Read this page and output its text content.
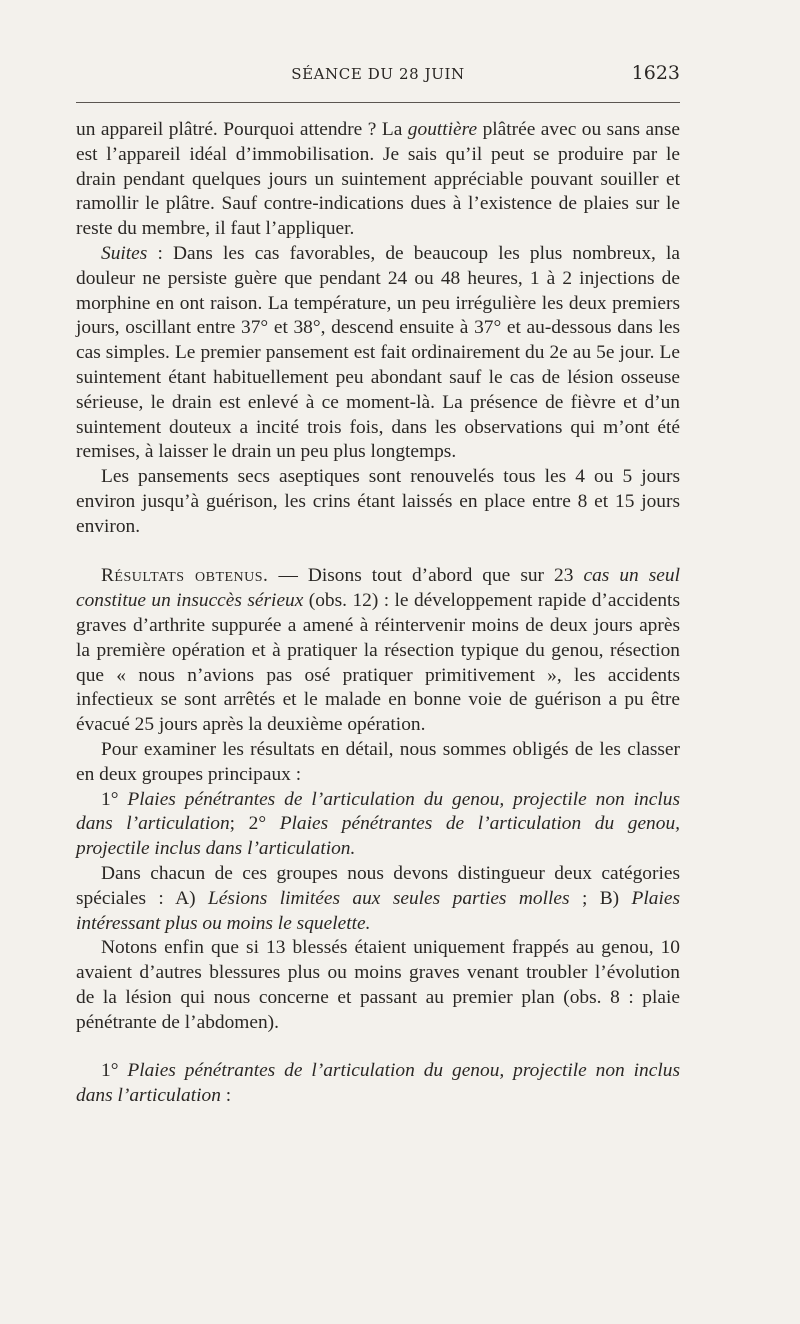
SÉANCE DU 28 JUIN	1623

un appareil plâtré. Pourquoi attendre ? La gouttière plâtrée avec ou sans anse est l’appareil idéal d’immobilisation. Je sais qu’il peut se produire par le drain pendant quelques jours un suintement appréciable pouvant souiller et ramollir le plâtre. Sauf contre-indications dues à l’existence de plaies sur le reste du membre, il faut l’appliquer.

Suites : Dans les cas favorables, de beaucoup les plus nombreux, la douleur ne persiste guère que pendant 24 ou 48 heures, 1 à 2 injections de morphine en ont raison. La température, un peu irrégulière les deux premiers jours, oscillant entre 37° et 38°, descend ensuite à 37° et au-dessous dans les cas simples. Le premier pansement est fait ordinairement du 2e au 5e jour. Le suintement étant habituellement peu abondant sauf le cas de lésion osseuse sérieuse, le drain est enlevé à ce moment-là. La présence de fièvre et d’un suintement douteux a incité trois fois, dans les observations qui m’ont été remises, à laisser le drain un peu plus longtemps.

Les pansements secs aseptiques sont renouvelés tous les 4 ou 5 jours environ jusqu’à guérison, les crins étant laissés en place entre 8 et 15 jours environ.

Résultats obtenus. — Disons tout d’abord que sur 23 cas un seul constitue un insuccès sérieux (obs. 12) : le développement rapide d’accidents graves d’arthrite suppurée a amené à réintervenir moins de deux jours après la première opération et à pratiquer la résection typique du genou, résection que « nous n’avions pas osé pratiquer primitivement », les accidents infectieux se sont arrêtés et le malade en bonne voie de guérison a pu être évacué 25 jours après la deuxième opération.

Pour examiner les résultats en détail, nous sommes obligés de les classer en deux groupes principaux :

1° Plaies pénétrantes de l’articulation du genou, projectile non inclus dans l’articulation; 2° Plaies pénétrantes de l’articulation du genou, projectile inclus dans l’articulation.

Dans chacun de ces groupes nous devons distingueur deux catégories spéciales : A) Lésions limitées aux seules parties molles ; B) Plaies intéressant plus ou moins le squelette.

Notons enfin que si 13 blessés étaient uniquement frappés au genou, 10 avaient d’autres blessures plus ou moins graves venant troubler l’évolution de la lésion qui nous concerne et passant au premier plan (obs. 8 : plaie pénétrante de l’abdomen).

1° Plaies pénétrantes de l’articulation du genou, projectile non inclus dans l’articulation :
